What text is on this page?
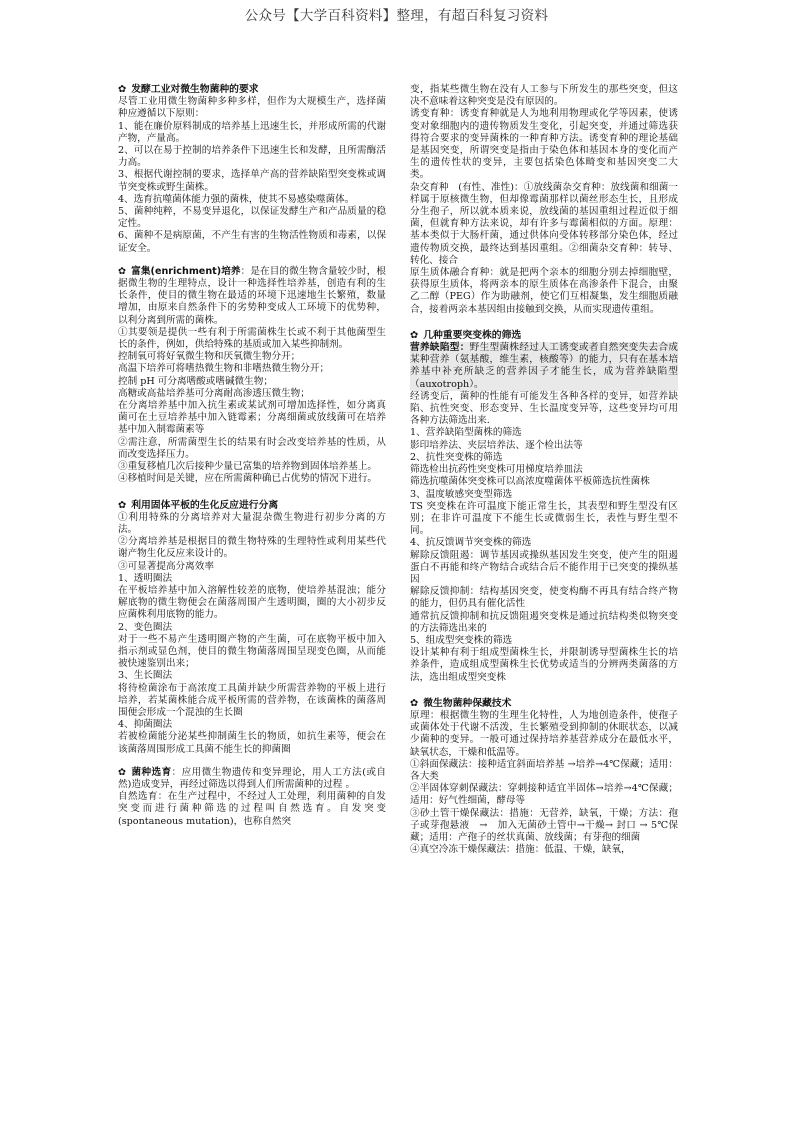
公众号【大学百科资料】整理，有超百科复习资料

✿ 发酵工业对微生物菌种的要求

尽管工业用微生物菌种多种多样，但作为大规模生产，选择菌种应遵循以下原则：

1、能在廉价原料制成的培养基上迅速生长，并形成所需的代谢产物，产量高。

2、可以在易于控制的培养条件下迅速生长和发酵，且所需酶活力高。

3、根据代谢控制的要求，选择单产高的营养缺陷型突变株或调节突变株或野生菌株。

4、选育抗噬菌体能力强的菌株，使其不易感染噬菌体。

5、菌种纯粹，不易变异退化，以保证发酵生产和产品质量的稳定性。

6、菌种不是病原菌，不产生有害的生物活性物质和毒素，以保证安全。

✿ 富集(enrichment)培养：是在目的微生物含量较少时，根据微生物的生理特点，设计一种选择性培养基，创造有利的生长条件，使目的微生物在最适的环境下迅速地生长繁殖，数量增加，由原来自然条件下的劣势种变成人工环境下的优势种，以利分离到所需的菌株。

①其要领是提供一些有利于所需菌株生长或不利于其他菌型生长的条件，例如，供给特殊的基质或加入某些抑制剂。

控制氧可将好氧微生物和厌氧微生物分开；

高温下培养可将嗜热微生物和非嗜热微生物分开；

控制 pH 可分离嗜酸或嗜碱微生物；

高糖或高盐培养基可分离耐高渗透压微生物；

在分离培养基中加入抗生素或某试剂可增加选择性，如分离真菌可在土豆培养基中加入链霉素；分离细菌或放线菌可在培养基中加入制霉菌素等

②需注意，所需菌型生长的结果有时会改变培养基的性质，从而改变选择压力。

③重复移植几次后接种少量已富集的培养物到固体培养基上。

④移植时间是关键，应在所需菌种确已占优势的情况下进行。

✿ 利用固体平板的生化反应进行分离

①利用特殊的分离培养对大量混杂微生物进行初步分离的方法。

②分离培养基是根据目的微生物特殊的生理特性或利用某些代谢产物生化反应来设计的。

③可显著提高分离效率

1、透明圈法

在平板培养基中加入溶解性较差的底物，使培养基混浊；能分解底物的微生物便会在菌落周围产生透明圈，圈的大小初步反应菌株利用底物的能力。

2、变色圈法

对于一些不易产生透明圈产物的产生菌，可在底物平板中加入指示剂或显色剂，使目的微生物菌落周围呈现变色圈，从而能被快速鉴别出来；

3、生长圈法

将待检菌涂布于高浓度工具菌并缺少所需营养物的平板上进行培养，若某菌株能合成平板所需的营养物，在该菌株的菌落周围便会形成一个混浊的生长圈

4、抑菌圈法

若被检菌能分泌某些抑制菌生长的物质，如抗生素等，便会在该菌落周围形成工具菌不能生长的抑菌圈

✿ 菌种选育：应用微生物遗传和变异理论，用人工方法(或自然)造成变异，再经过筛选以得到人们所需菌种的过程 。

自然选育：在生产过程中，不经过人工处理，利用菌种的自发突变而进行菌种筛选的过程叫自然选育。自发突变(spontaneous mutation)，也称自然突

变，指某些微生物在没有人工参与下所发生的那些突变，但这决不意味着这种突变是没有原因的。

诱变育种：诱变育种就是人为地利用物理或化学等因素，使诱变对象细胞内的遗传物质发生变化，引起突变，并通过筛选获得符合要求的变异菌株的一种育种方法。诱变育种的理论基础是基因突变，所谓突变是指由于染色体和基因本身的变化而产生的遗传性状的变异，主要包括染色体畸变和基因突变二大类。

杂交育种　(有性、准性)：①放线菌杂交育种：放线菌和细菌一样属于原核微生物，但却像霉菌那样以菌丝形态生长，且形成分生孢子，所以就本质来说，放线菌的基因重组过程近似于细菌，但就育种方法来说，却有许多与霉菌相似的方面。原理：基本类似于大肠杆菌，通过供体向受体转移部分染色体，经过遗传物质交换，最终达到基因重组。②细菌杂交育种：转导、转化、接合

原生质体融合育种：就是把两个亲本的细胞分别去掉细胞壁，获得原生质体，将两亲本的原生质体在高渗条件下混合，由聚乙二醇（PEG）作为助融剂，使它们互相凝集，发生细胞质融合，接着两亲本基因组由接触到交换，从而实现遗传重组。

✿ 几种重要突变株的筛选

营养缺陷型：野生型菌株经过人工诱变或者自然突变失去合成某种营养（氨基酸，维生素，核酸等）的能力，只有在基本培养基中补充所缺乏的营养因子才能生长，成为营养缺陷型（auxotroph）。

经诱变后，菌种的性能有可能发生各种各样的变异，如营养缺陷、抗性突变、形态变异、生长温度变异等，这些变异均可用各种方法筛选出来.

1、营养缺陷型菌株的筛选

影印培养法、夹层培养法、逐个检出法等

2、抗性突变株的筛选

筛选检出抗药性突变株可用梯度培养皿法

筛选抗噬菌体突变株可以高浓度噬菌体平板筛选抗性菌株

3、温度敏感突变型筛选

TS 突变株在许可温度下能正常生长，其表型和野生型没有区别；在非许可温度下不能生长或微弱生长，表性与野生型不同。

4、抗反馈调节突变株的筛选

解除反馈阻遏：调节基因或操纵基因发生突变，使产生的阻遏蛋白不再能和终产物结合或结合后不能作用于已突变的操纵基因

解除反馈抑制：结构基因突变，使变构酶不再具有结合终产物的能力，但仍具有催化活性

通常抗反馈抑制和抗反馈阻遏突变株是通过抗结构类似物突变的方法筛选出来的

5、组成型突变株的筛选

设计某种有利于组成型菌株生长，并限制诱导型菌株生长的培养条件，造成组成型菌株生长优势或适当的分辨两类菌落的方法，选出组成型突变株

✿ 微生物菌种保藏技术

原理：根据微生物的生理生化特性，人为地创造条件，使孢子或菌体处于代谢不活泼，生长繁殖受到抑制的休眠状态，以减少菌种的变异。一般可通过保持培养基营养成分在最低水平，缺氧状态，干燥和低温等。

①斜面保藏法：接种适宜斜面培养基 →培养→4℃保藏；适用：各大类

②半固体穿刺保藏法：穿刺接种适宜半固体→培养→4℃保藏；适用：好气性细菌，酵母等

③砂土管干燥保藏法：措施：无营养，缺氧，干燥；方法：孢子或芽孢悬液　→　加入无菌砂土管中→干燥→ 封口 → 5℃保藏；适用：产孢子的丝状真菌、放线菌；有芽孢的细菌

④真空冷冻干燥保藏法：措施：低温、干燥，缺氧，
